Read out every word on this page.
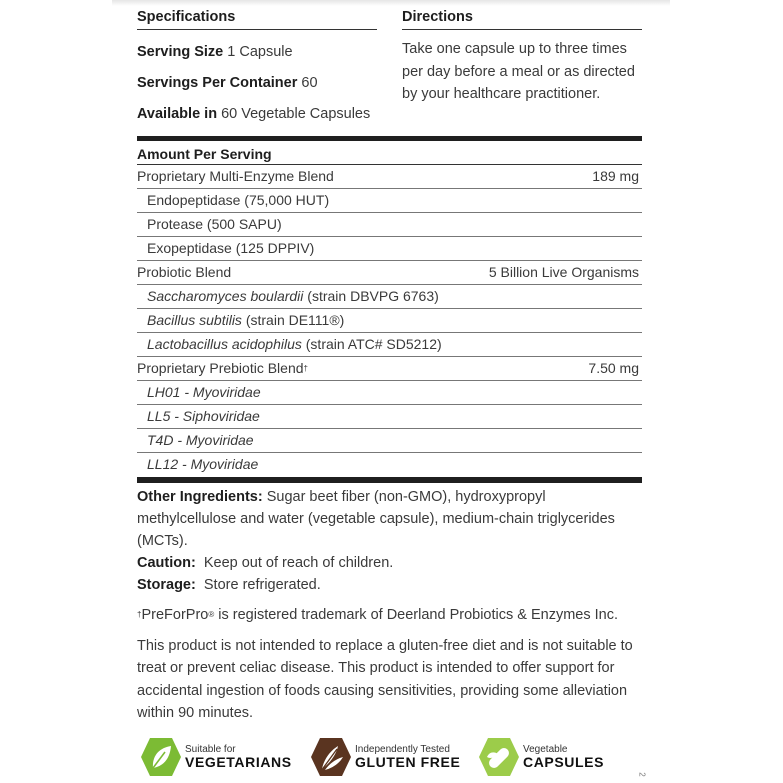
Specifications
Serving Size 1 Capsule
Servings Per Container 60
Available in 60 Vegetable Capsules
Directions
Take one capsule up to three times per day before a meal or as directed by your healthcare practitioner.
Amount Per Serving
Proprietary Multi-Enzyme Blend	189 mg
Endopeptidase (75,000 HUT)
Protease (500 SAPU)
Exopeptidase (125 DPPIV)
Probiotic Blend	5 Billion Live Organisms
Saccharomyces boulardii (strain DBVPG 6763)
Bacillus subtilis (strain DE111®)
Lactobacillus acidophilus (strain ATC# SD5212)
Proprietary Prebiotic Blend†	7.50 mg
LH01 - Myoviridae
LL5 - Siphoviridae
T4D - Myoviridae
LL12 - Myoviridae
Other Ingredients: Sugar beet fiber (non-GMO), hydroxypropyl methylcellulose and water (vegetable capsule), medium-chain triglycerides (MCTs).
Caution:  Keep out of reach of children.
Storage:  Store refrigerated.
†PreForPro® is registered trademark of Deerland Probiotics & Enzymes Inc.
This product is not intended to replace a gluten-free diet and is not suitable to treat or prevent celiac disease. This product is intended to offer support for accidental ingestion of foods causing sensitivities, providing some alleviation within 90 minutes.
Suitable for
VEGETARIANS
Independently Tested
GLUTEN FREE
Vegetable
CAPSULES
2
